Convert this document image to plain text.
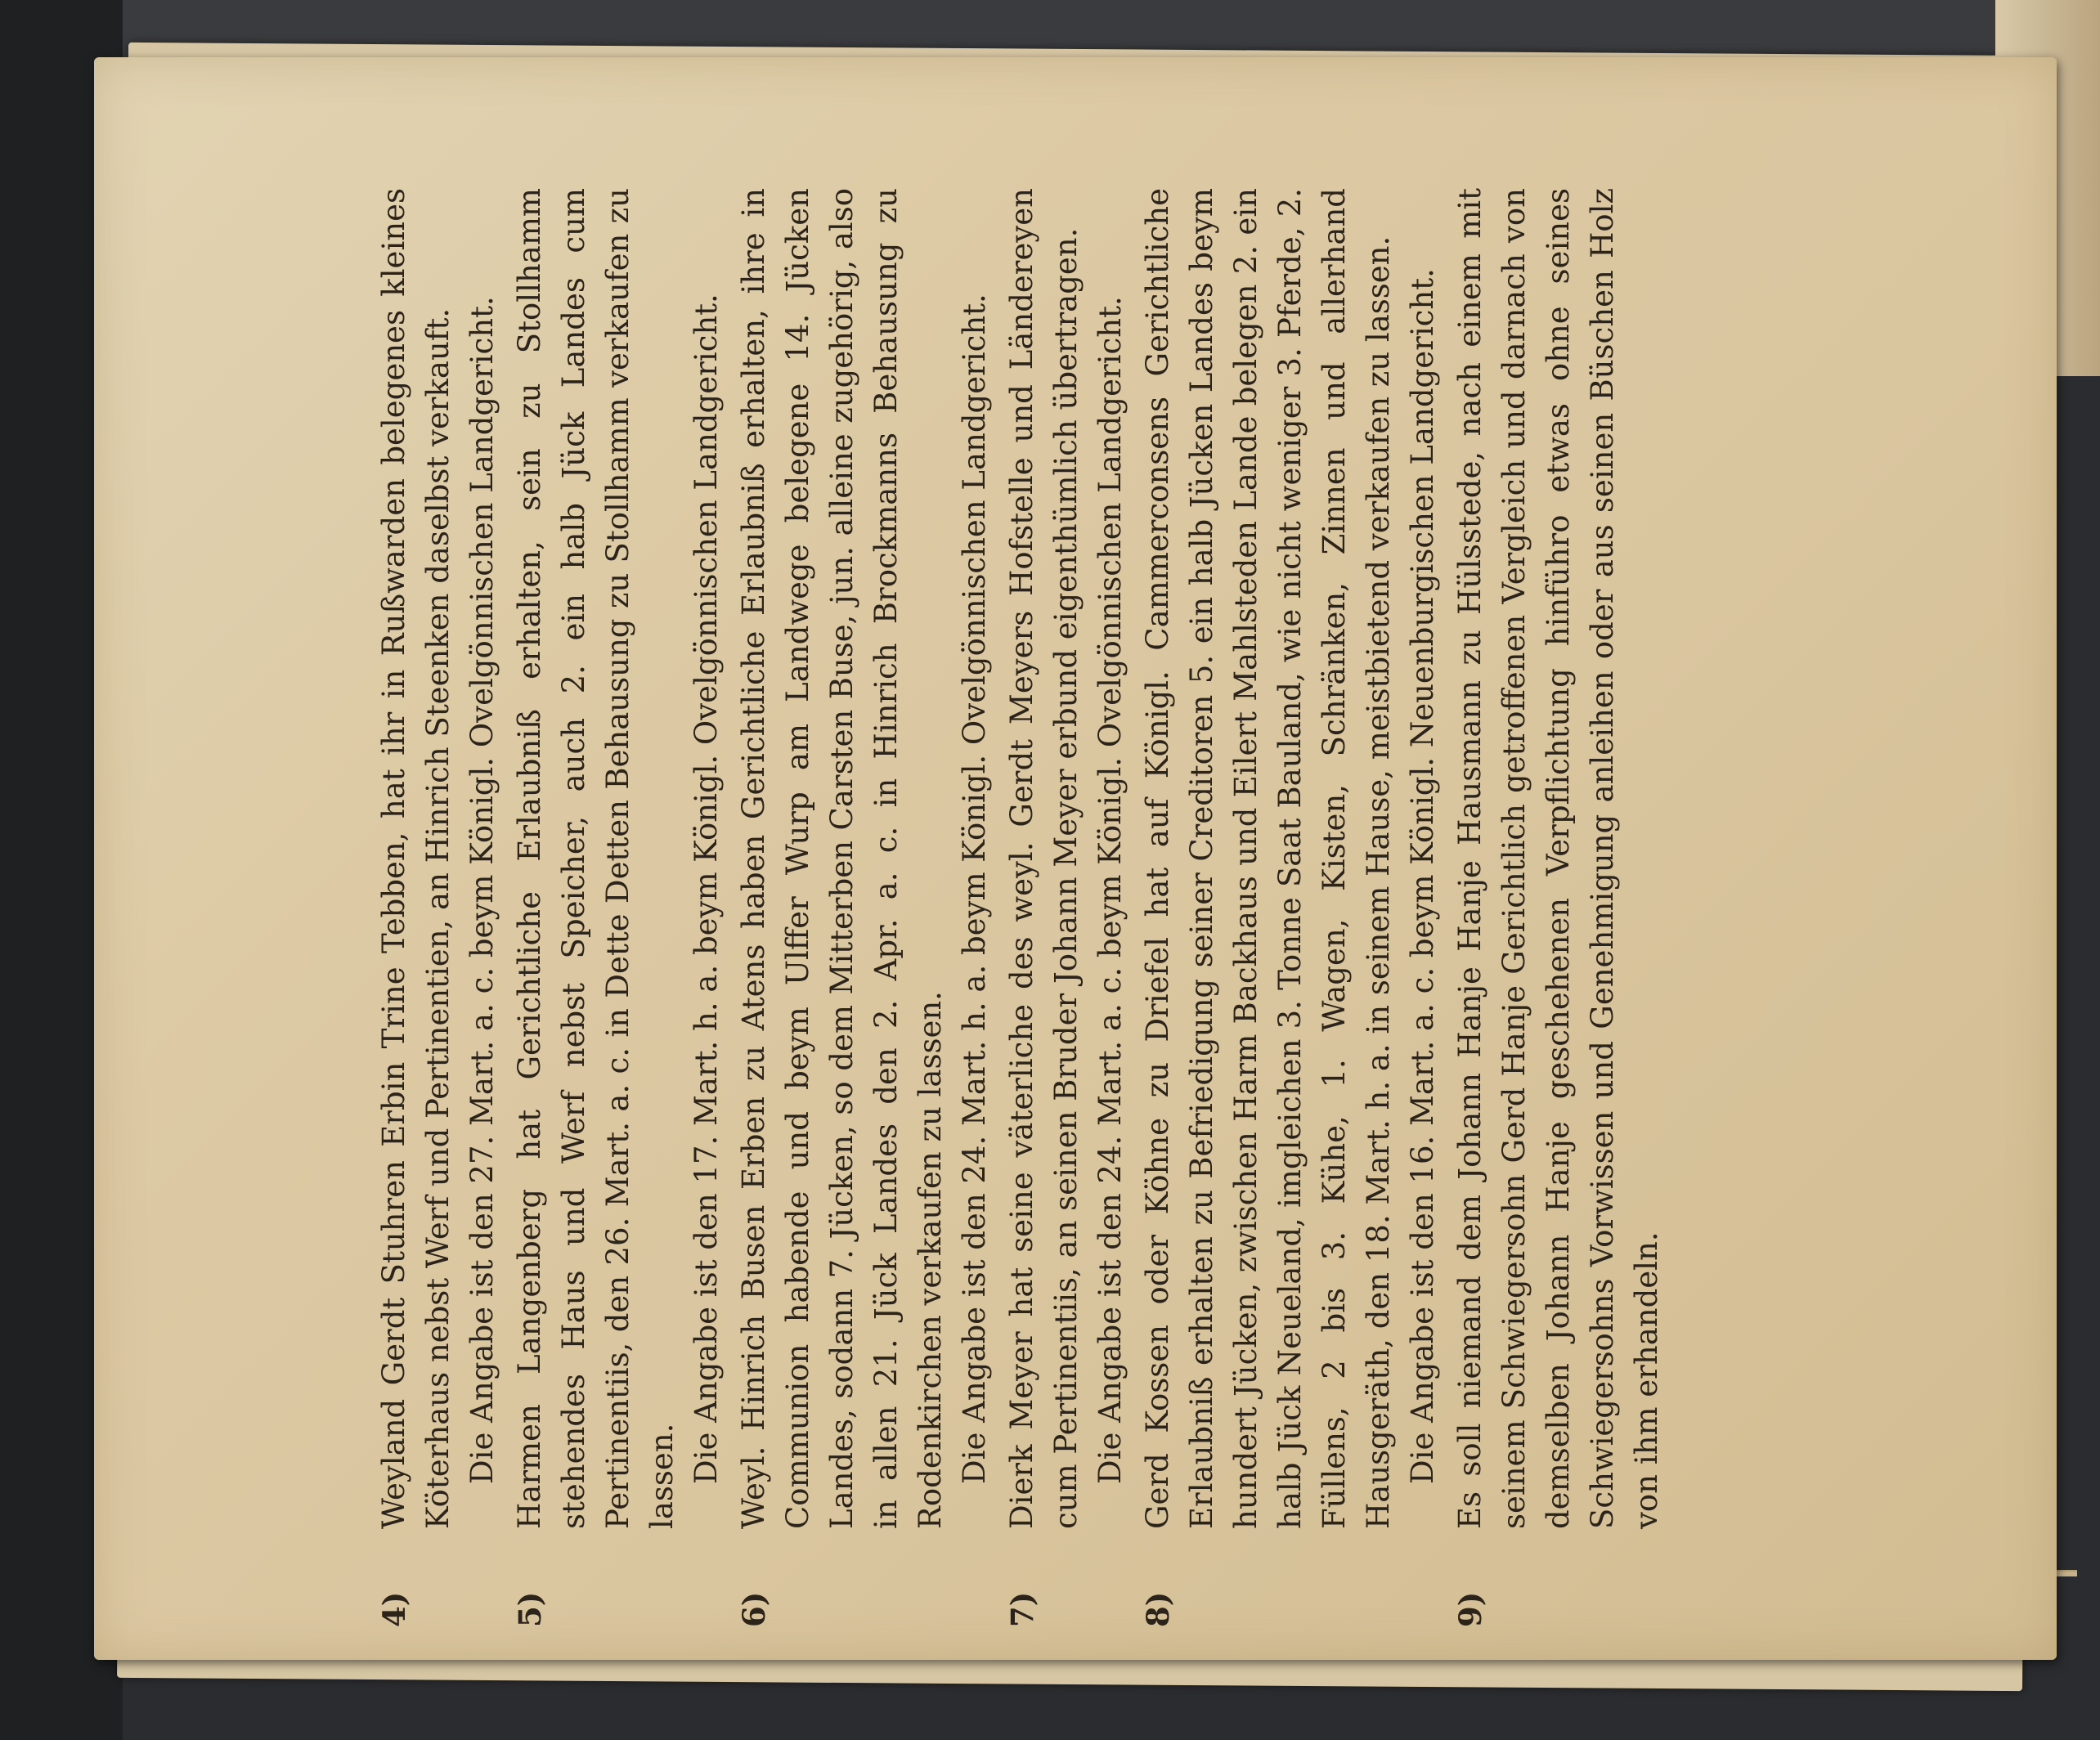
4)

Weyland Gerdt Stuhren Erbin Trine Tebben, hat ihr in Rußwarden belegenes kleines Köterhaus nebst Werf und Pertinentien, an Hinrich Steenken daselbst verkauft. Die Angabe ist den 27. Mart. a. c. beym Königl. Ovelgönnischen Landgericht.

5)

Harmen Langenberg hat Gerichtliche Erlaubniß erhalten, sein zu Stollhamm stehendes Haus und Werf nebst Speicher, auch 2. ein halb Jück Landes cum Pertinentiis, den 26. Mart. a. c. in Dette Detten Behausung zu Stollhamm verkaufen zu lassen. Die Angabe ist den 17. Mart. h. a. beym Königl. Ovelgönnischen Landgericht.

6)

Weyl. Hinrich Busen Erben zu Atens haben Gerichtliche Erlaubniß erhalten, ihre in Communion habende und beym Ulffer Wurp am Landwege belegene 14. Jücken Landes, sodann 7. Jücken, so dem Mitterben Carsten Buse, jun. alleine zugehörig, also in allen 21. Jück Landes den 2. Apr. a. c. in Hinrich Brockmanns Behausung zu Rodenkirchen verkaufen zu lassen. Die Angabe ist den 24. Mart. h. a. beym Königl. Ovelgönnischen Landgericht.

7)

Dierk Meyer hat seine väterliche des weyl. Gerdt Meyers Hofstelle und Ländereyen cum Pertinentiis, an seinen Bruder Johann Meyer erbund eigenthümlich übertragen. Die Angabe ist den 24. Mart. a. c. beym Königl. Ovelgönnischen Landgericht.

8)

Gerd Kossen oder Köhne zu Driefel hat auf Königl. Cammerconsens Gerichtliche Erlaubniß erhalten zu Befriedigung seiner Creditoren 5. ein halb Jücken Landes beym hundert Jücken, zwischen Harm Backhaus und Eilert Mahlsteden Lande belegen 2. ein halb Jück Neueland, imgleichen 3. Tonne Saat Bauland, wie nicht weniger 3. Pferde, 2. Füllens, 2 bis 3. Kühe, 1. Wagen, Kisten, Schränken, Zinnen und allerhand Hausgeräth, den 18. Mart. h. a. in seinem Hause, meistbietend verkaufen zu lassen. Die Angabe ist den 16. Mart. a. c. beym Königl. Neuenburgischen Landgericht.

9)

Es soll niemand dem Johann Hanje Hanje Hausmann zu Hülsstede, nach einem mit seinem Schwiegersohn Gerd Hanje Gerichtlich getroffenen Vergleich und darnach von demselben Johann Hanje geschehenen Verpflichtung hinführo etwas ohne seines Schwiegersohns Vorwissen und Genehmigung anleihen oder aus seinen Büschen Holz von ihm erhandeln.
